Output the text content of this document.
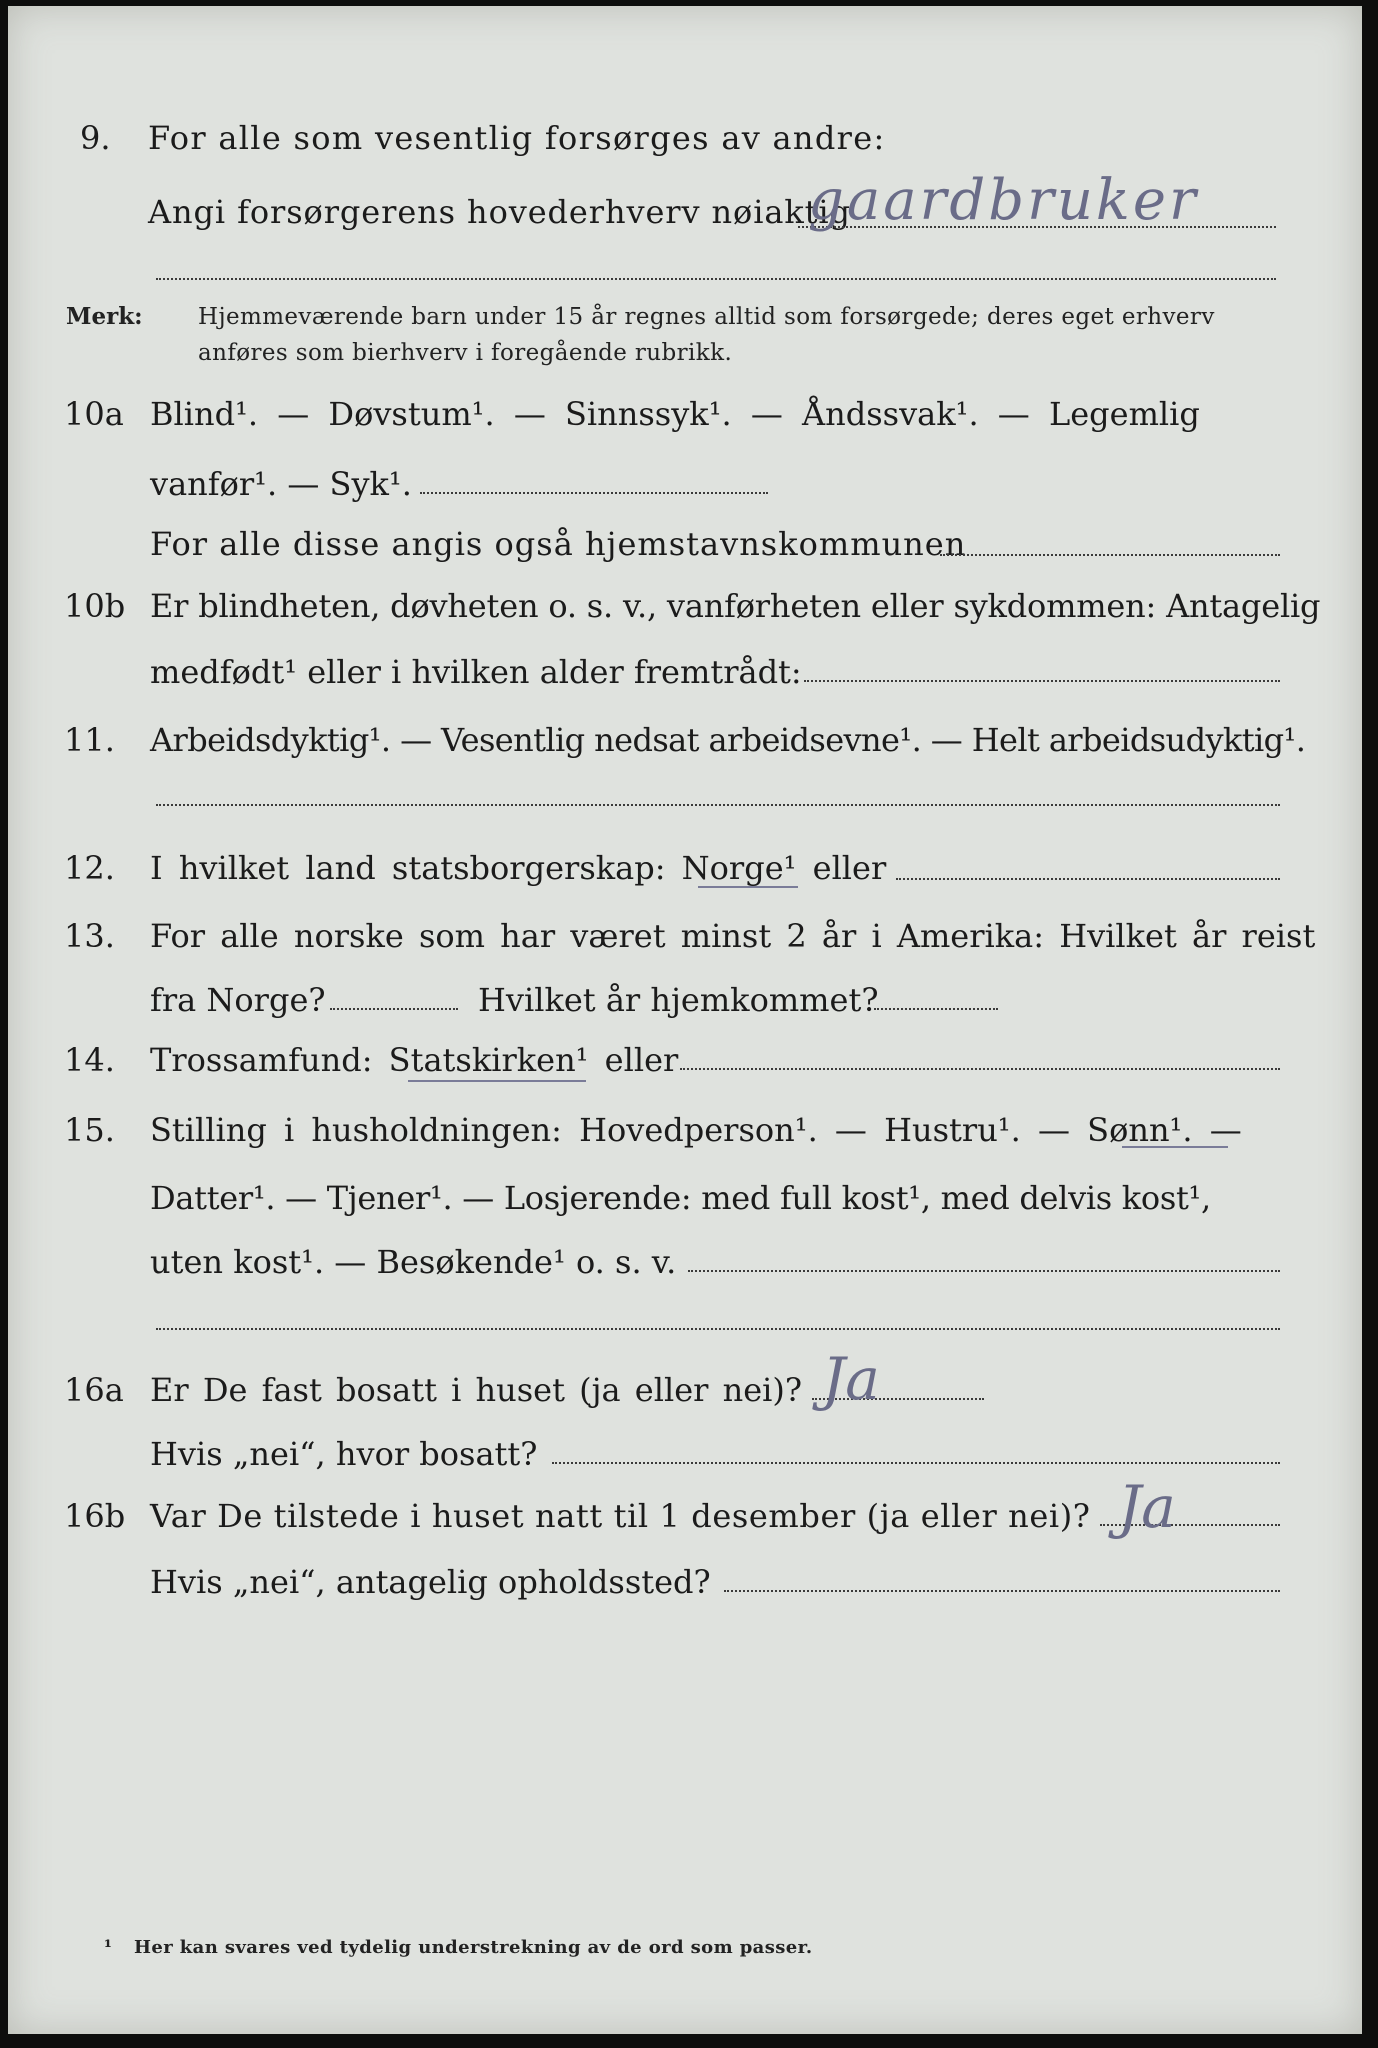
9. For alle som vesentlig forsørges av andre:
Angi forsørgerens hovederhverv nøiaktig
gaardbruker
Merk: Hjemmeværende barn under 15 år regnes alltid som forsørgede; deres eget erhverv
anføres som bierhverv i foregående rubrikk.
10a Blind¹. — Døvstum¹. — Sinnssyk¹. — Åndssvak¹. — Legemlig
vanfør¹. — Syk¹.
For alle disse angis også hjemstavnskommunen
10b Er blindheten, døvheten o. s. v., vanførheten eller sykdommen: Antagelig
medfødt¹ eller i hvilken alder fremtrådt:
11. Arbeidsdyktig¹. — Vesentlig nedsat arbeidsevne¹. — Helt arbeidsudyktig¹.
12. I hvilket land statsborgerskap: Norge¹ eller
13. For alle norske som har været minst 2 år i Amerika: Hvilket år reist
fra Norge?	Hvilket år hjemkommet?
14. Trossamfund: Statskirken¹ eller
15. Stilling i husholdningen: Hovedperson¹. — Hustru¹. — Sønn¹. —
Datter¹. — Tjener¹. — Losjerende: med full kost¹, med delvis kost¹,
uten kost¹. — Besøkende¹ o. s. v.
16a Er De fast bosatt i huset (ja eller nei)? Ja
Hvis „nei“, hvor bosatt?
16b Var De tilstede i huset natt til 1 desember (ja eller nei)? Ja
Hvis „nei“, antagelig opholdssted?
¹ Her kan svares ved tydelig understrekning av de ord som passer.
